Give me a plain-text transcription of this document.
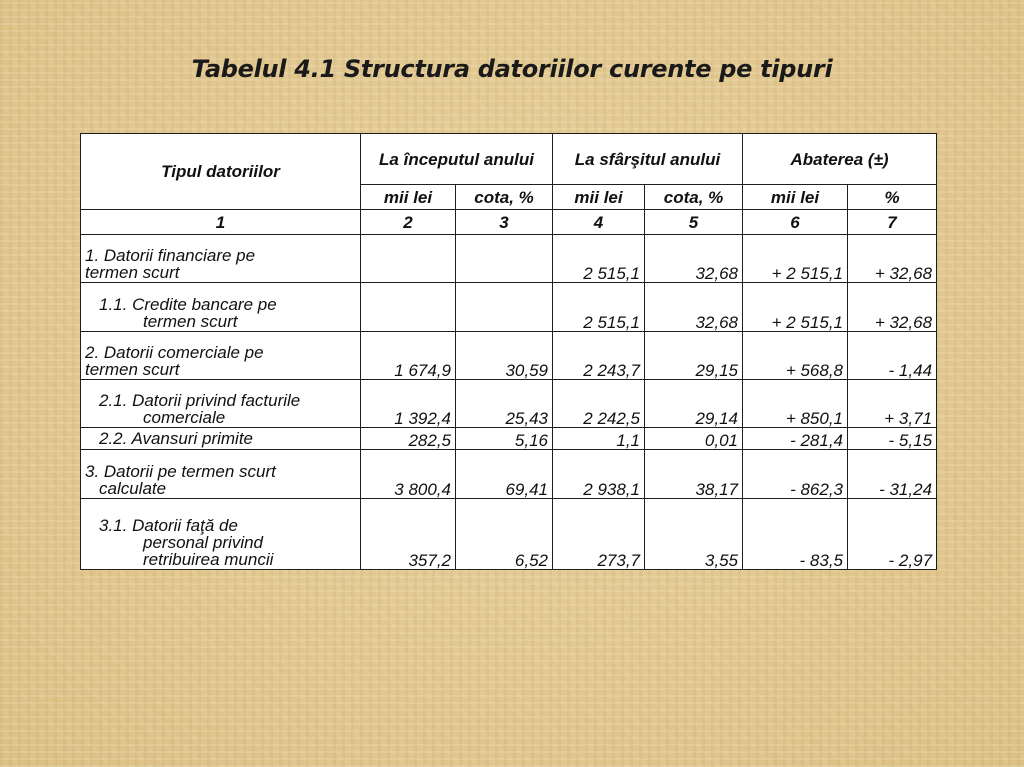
Tabelul 4.1 Structura datoriilor curente pe tipuri
Tipul datoriilor	La începutul anului		La sfârşitul anului		Abaterea (±)	
	mii lei	cota, %	mii lei	cota, %	mii lei	%
1	2	3	4	5	6	7

1. Datorii financiare pe
termen scurt			2 515,1	32,68	+ 2 515,1	+ 32,68

1.1. Credite bancare pe
termen scurt			2 515,1	32,68	+ 2 515,1	+ 32,68

2. Datorii comerciale pe
termen scurt	1 674,9	30,59	2 243,7	29,15	+ 568,8	- 1,44

2.1. Datorii privind facturile
comerciale	1 392,4	25,43	2 242,5	29,14	+ 850,1	+ 3,71

2.2. Avansuri primite	282,5	5,16	1,1	0,01	- 281,4	- 5,15

3. Datorii pe termen scurt
calculate	3 800,4	69,41	2 938,1	38,17	- 862,3	- 31,24

3.1. Datorii faţă de
personal privind
retribuirea muncii	357,2	6,52	273,7	3,55	- 83,5	- 2,97
